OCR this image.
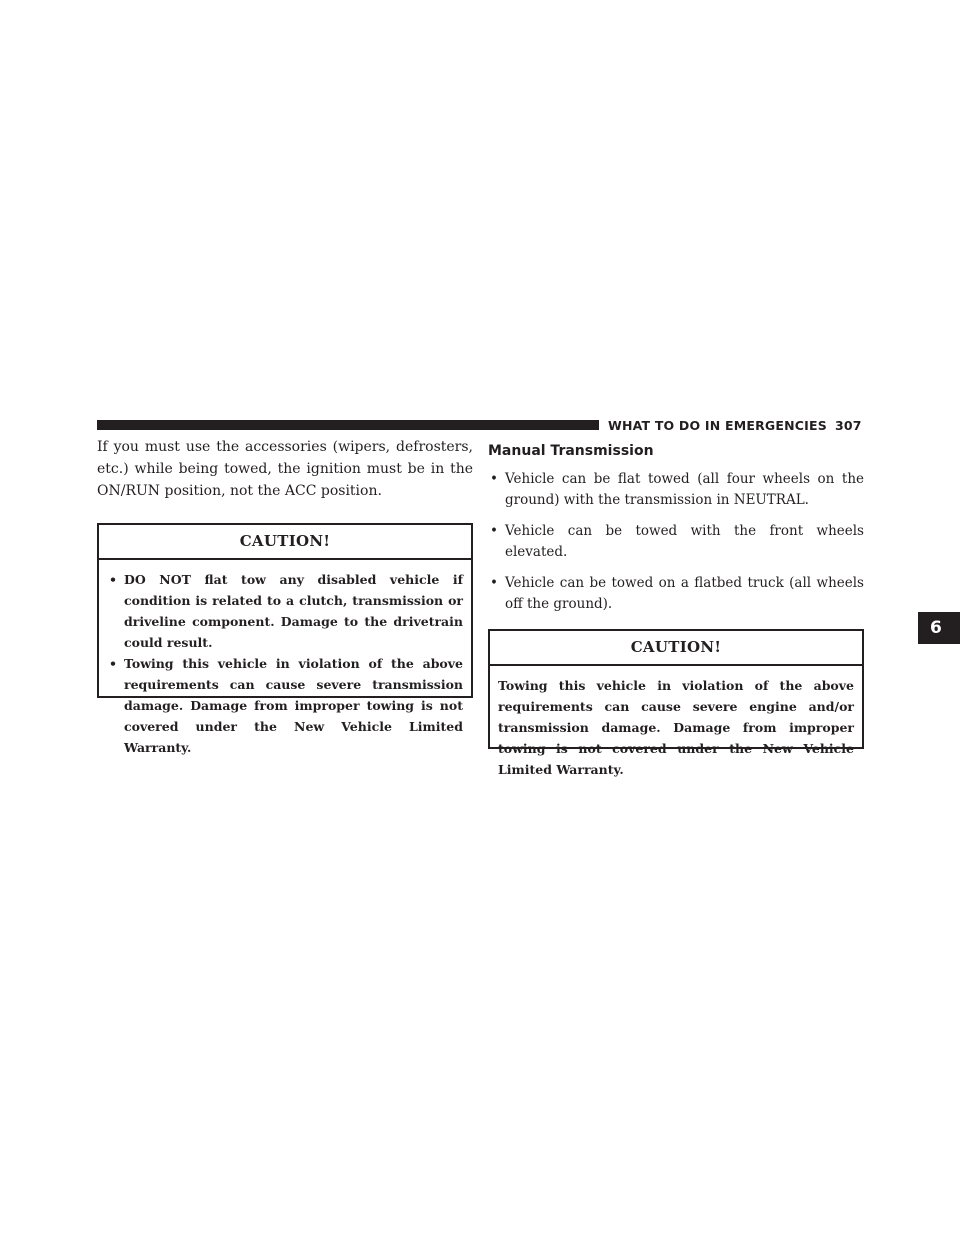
WHAT TO DO IN EMERGENCIES 307

If you must use the accessories (wipers, defrosters, etc.) while being towed, the ignition must be in the ON/RUN position, not the ACC position.

CAUTION!
• DO NOT flat tow any disabled vehicle if condition is related to a clutch, transmission or driveline component. Damage to the drivetrain could result.
• Towing this vehicle in violation of the above requirements can cause severe transmission damage. Damage from improper towing is not covered under the New Vehicle Limited Warranty.
Manual Transmission
• Vehicle can be flat towed (all four wheels on the ground) with the transmission in NEUTRAL.
• Vehicle can be towed with the front wheels elevated.
• Vehicle can be towed on a flatbed truck (all wheels off the ground).
CAUTION!
Towing this vehicle in violation of the above requirements can cause severe engine and/or transmission damage. Damage from improper towing is not covered under the New Vehicle Limited Warranty.
6
